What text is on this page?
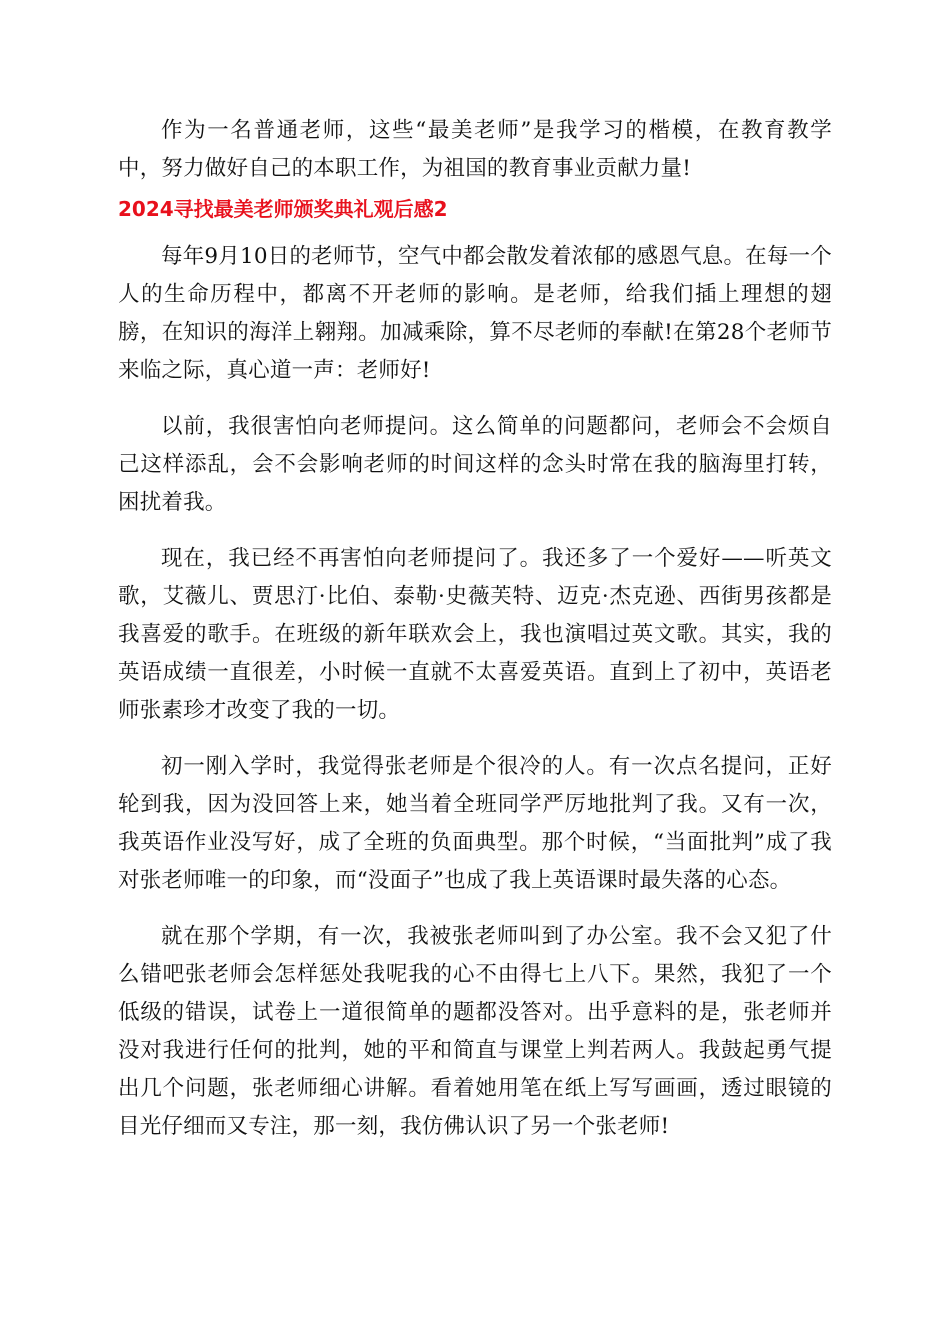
作为一名普通老师，这些“最美老师”是我学习的楷模，在教育教学中，努力做好自己的本职工作，为祖国的教育事业贡献力量!

2024寻找最美老师颁奖典礼观后感2

每年9月10日的老师节，空气中都会散发着浓郁的感恩气息。在每一个人的生命历程中，都离不开老师的影响。是老师，给我们插上理想的翅膀，在知识的海洋上翱翔。加减乘除，算不尽老师的奉献!在第28个老师节来临之际，真心道一声：老师好!

以前，我很害怕向老师提问。这么简单的问题都问，老师会不会烦自己这样添乱，会不会影响老师的时间这样的念头时常在我的脑海里打转，困扰着我。

现在，我已经不再害怕向老师提问了。我还多了一个爱好——听英文歌，艾薇儿、贾思汀·比伯、泰勒·史薇芙特、迈克·杰克逊、西街男孩都是我喜爱的歌手。在班级的新年联欢会上，我也演唱过英文歌。其实，我的英语成绩一直很差，小时候一直就不太喜爱英语。直到上了初中，英语老师张素珍才改变了我的一切。

初一刚入学时，我觉得张老师是个很冷的人。有一次点名提问，正好轮到我，因为没回答上来，她当着全班同学严厉地批判了我。又有一次，我英语作业没写好，成了全班的负面典型。那个时候，“当面批判”成了我对张老师唯一的印象，而“没面子”也成了我上英语课时最失落的心态。

就在那个学期，有一次，我被张老师叫到了办公室。我不会又犯了什么错吧张老师会怎样惩处我呢我的心不由得七上八下。果然，我犯了一个低级的错误，试卷上一道很简单的题都没答对。出乎意料的是，张老师并没对我进行任何的批判，她的平和简直与课堂上判若两人。我鼓起勇气提出几个问题，张老师细心讲解。看着她用笔在纸上写写画画，透过眼镜的目光仔细而又专注，那一刻，我仿佛认识了另一个张老师!
